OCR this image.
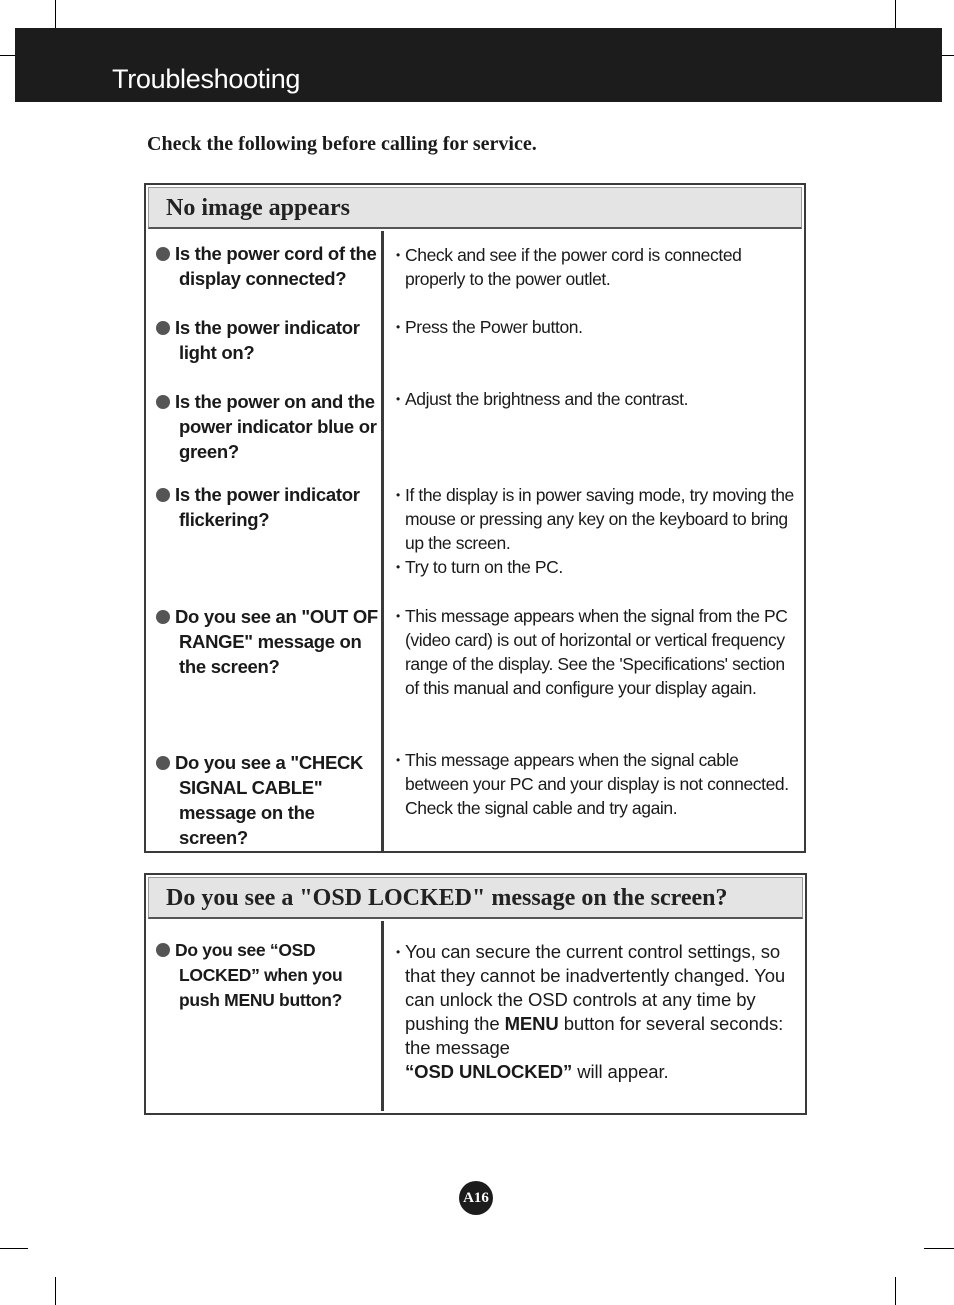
Troubleshooting
Check the following before calling for service.
No image appears
Is the power cord of the
display connected?
• Check and see if the power cord is connected properly to the power outlet.
Is the power indicator
light on?
• Press the Power button.
Is the power on and the
power indicator blue or green?
• Adjust the brightness and the contrast.
Is the power indicator
flickering?
• If the display is in power saving mode, try moving the mouse or pressing any key on the keyboard to bring up the screen.
• Try to turn on the PC.
Do you see an "OUT OF
RANGE" message on the screen?
• This message appears when the signal from the PC (video card) is out of horizontal or vertical frequency range of the display. See the 'Specifications' section of this manual and configure your display again.
Do you see a "CHECK
SIGNAL CABLE" message on the screen?
• This message appears when the signal cable between your PC and your display is not connected. Check the signal cable and try again.
Do you see a "OSD LOCKED" message on the screen?
Do you see “OSD
LOCKED” when you push MENU button?
• You can secure the current control settings, so that they cannot be inadvertently changed. You can unlock the OSD controls at any time by pushing the MENU button for several seconds: the message
“OSD UNLOCKED” will appear.
A16
